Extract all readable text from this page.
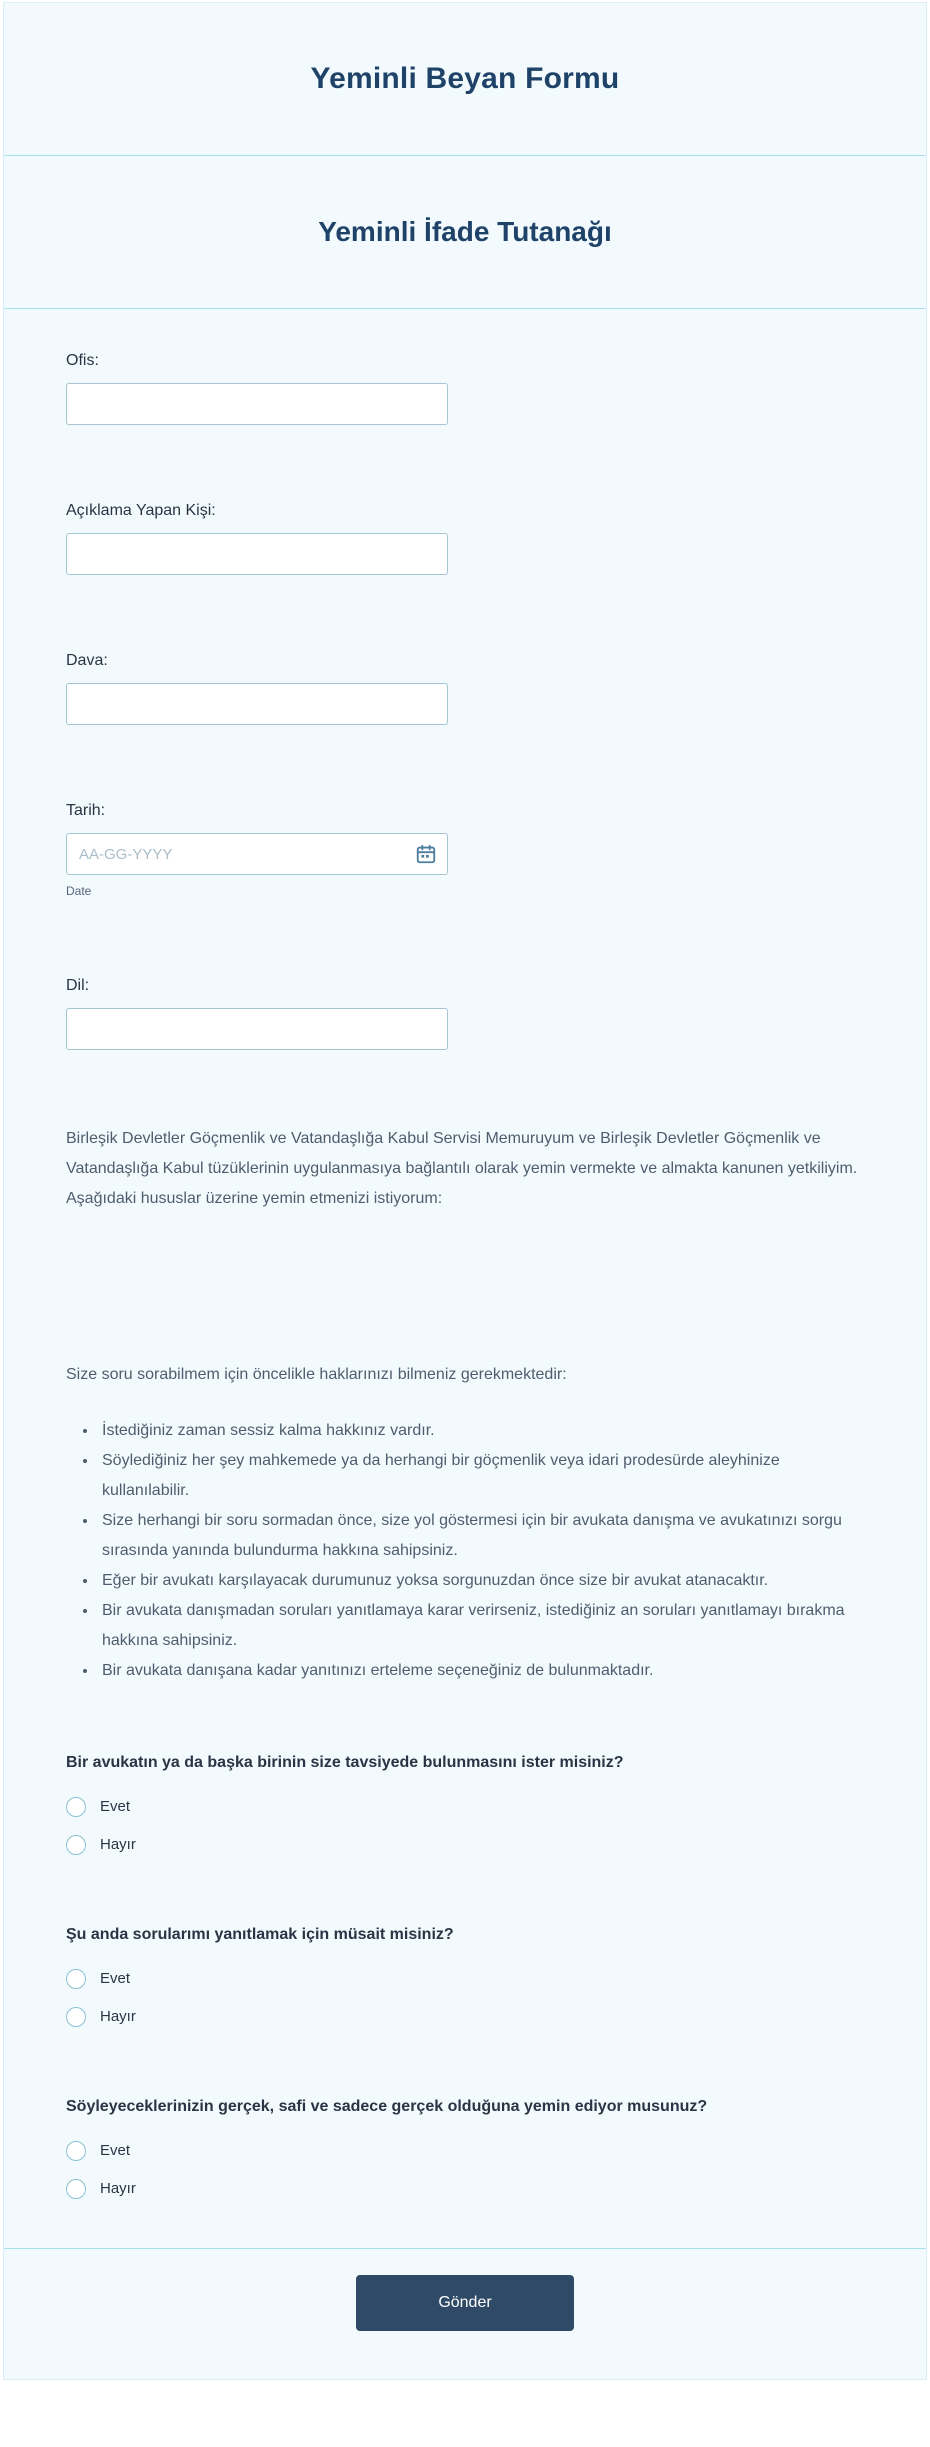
Yeminli Beyan Formu
Yeminli İfade Tutanağı
Ofis:
Açıklama Yapan Kişi:
Dava:
Tarih:
AA-GG-YYYY
Date
Dil:

Birleşik Devletler Göçmenlik ve Vatandaşlığa Kabul Servisi Memuruyum ve Birleşik Devletler Göçmenlik ve Vatandaşlığa Kabul tüzüklerinin uygulanmasıya bağlantılı olarak yemin vermekte ve almakta kanunen yetkiliyim. Aşağıdaki hususlar üzerine yemin etmenizi istiyorum:

Size soru sorabilmem için öncelikle haklarınızı bilmeniz gerekmektedir:

• İstediğiniz zaman sessiz kalma hakkınız vardır.
• Söylediğiniz her şey mahkemede ya da herhangi bir göçmenlik veya idari prodesürde aleyhinize kullanılabilir.
• Size herhangi bir soru sormadan önce, size yol göstermesi için bir avukata danışma ve avukatınızı sorgu sırasında yanında bulundurma hakkına sahipsiniz.
• Eğer bir avukatı karşılayacak durumunuz yoksa sorgunuzdan önce size bir avukat atanacaktır.
• Bir avukata danışmadan soruları yanıtlamaya karar verirseniz, istediğiniz an soruları yanıtlamayı bırakma hakkına sahipsiniz.
• Bir avukata danışana kadar yanıtınızı erteleme seçeneğiniz de bulunmaktadır.

Bir avukatın ya da başka birinin size tavsiyede bulunmasını ister misiniz?

Evet
Hayır

Şu anda sorularımı yanıtlamak için müsait misiniz?

Evet
Hayır

Söyleyeceklerinizin gerçek, safi ve sadece gerçek olduğuna yemin ediyor musunuz?

Evet
Hayır
Gönder
